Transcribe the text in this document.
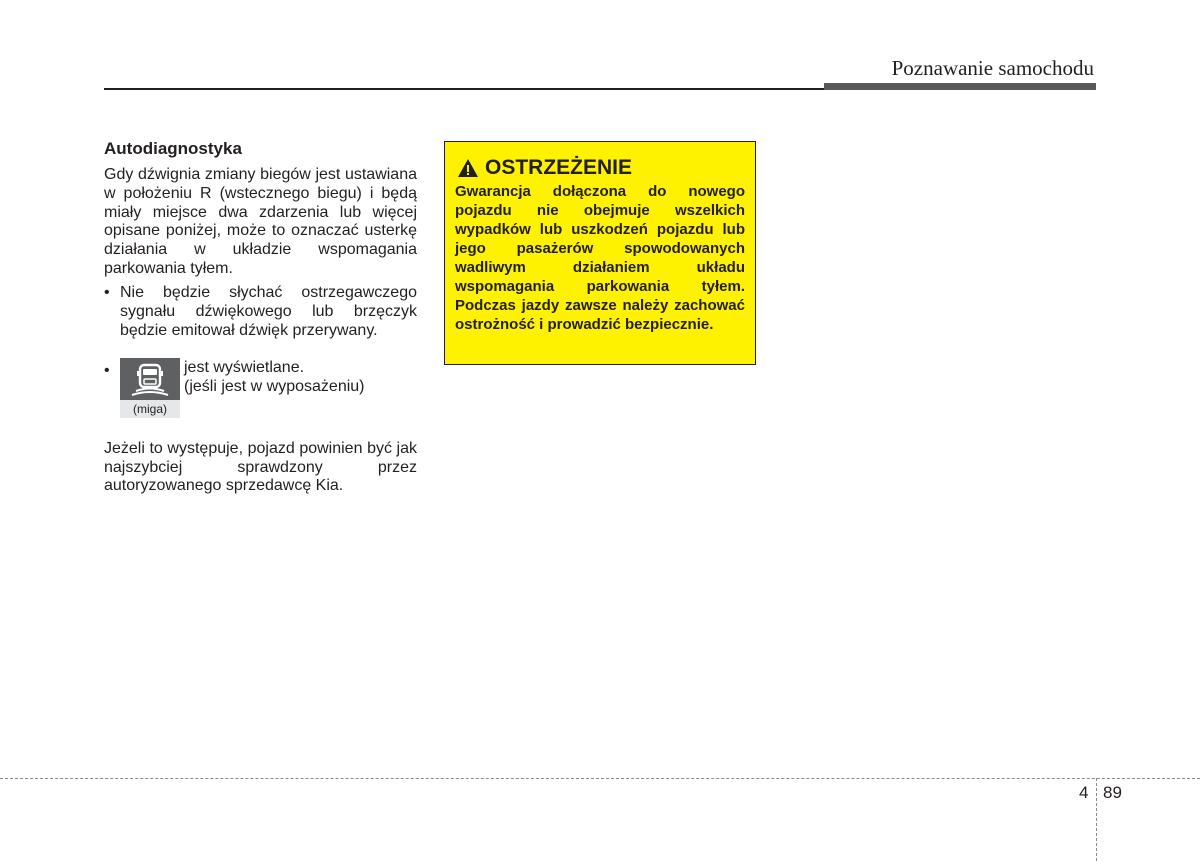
Poznawanie samochodu
Autodiagnostyka

Gdy dźwignia zmiany biegów jest ustawiana w położeniu R (wstecznego biegu) i będą miały miejsce dwa zdarzenia lub więcej opisane poniżej, może to oznaczać usterkę działania w układzie wspomagania parkowania tyłem.

• Nie będzie słychać ostrzegawczego sygnału dźwiękowego lub brzęczyk będzie emitował dźwięk przerywany.
•
(miga)
jest wyświetlane.
(jeśli jest w wyposażeniu)

Jeżeli to występuje, pojazd powinien być jak najszybciej sprawdzony przez autoryzowanego sprzedawcę Kia.

OSTRZEŻENIE
Gwarancja dołączona do nowego pojazdu nie obejmuje wszelkich wypadków lub uszkodzeń pojazdu lub jego pasażerów spowodowanych wadliwym działaniem układu wspomagania parkowania tyłem. Podczas jazdy zawsze należy zachować ostrożność i prowadzić bezpiecznie.
4 89
